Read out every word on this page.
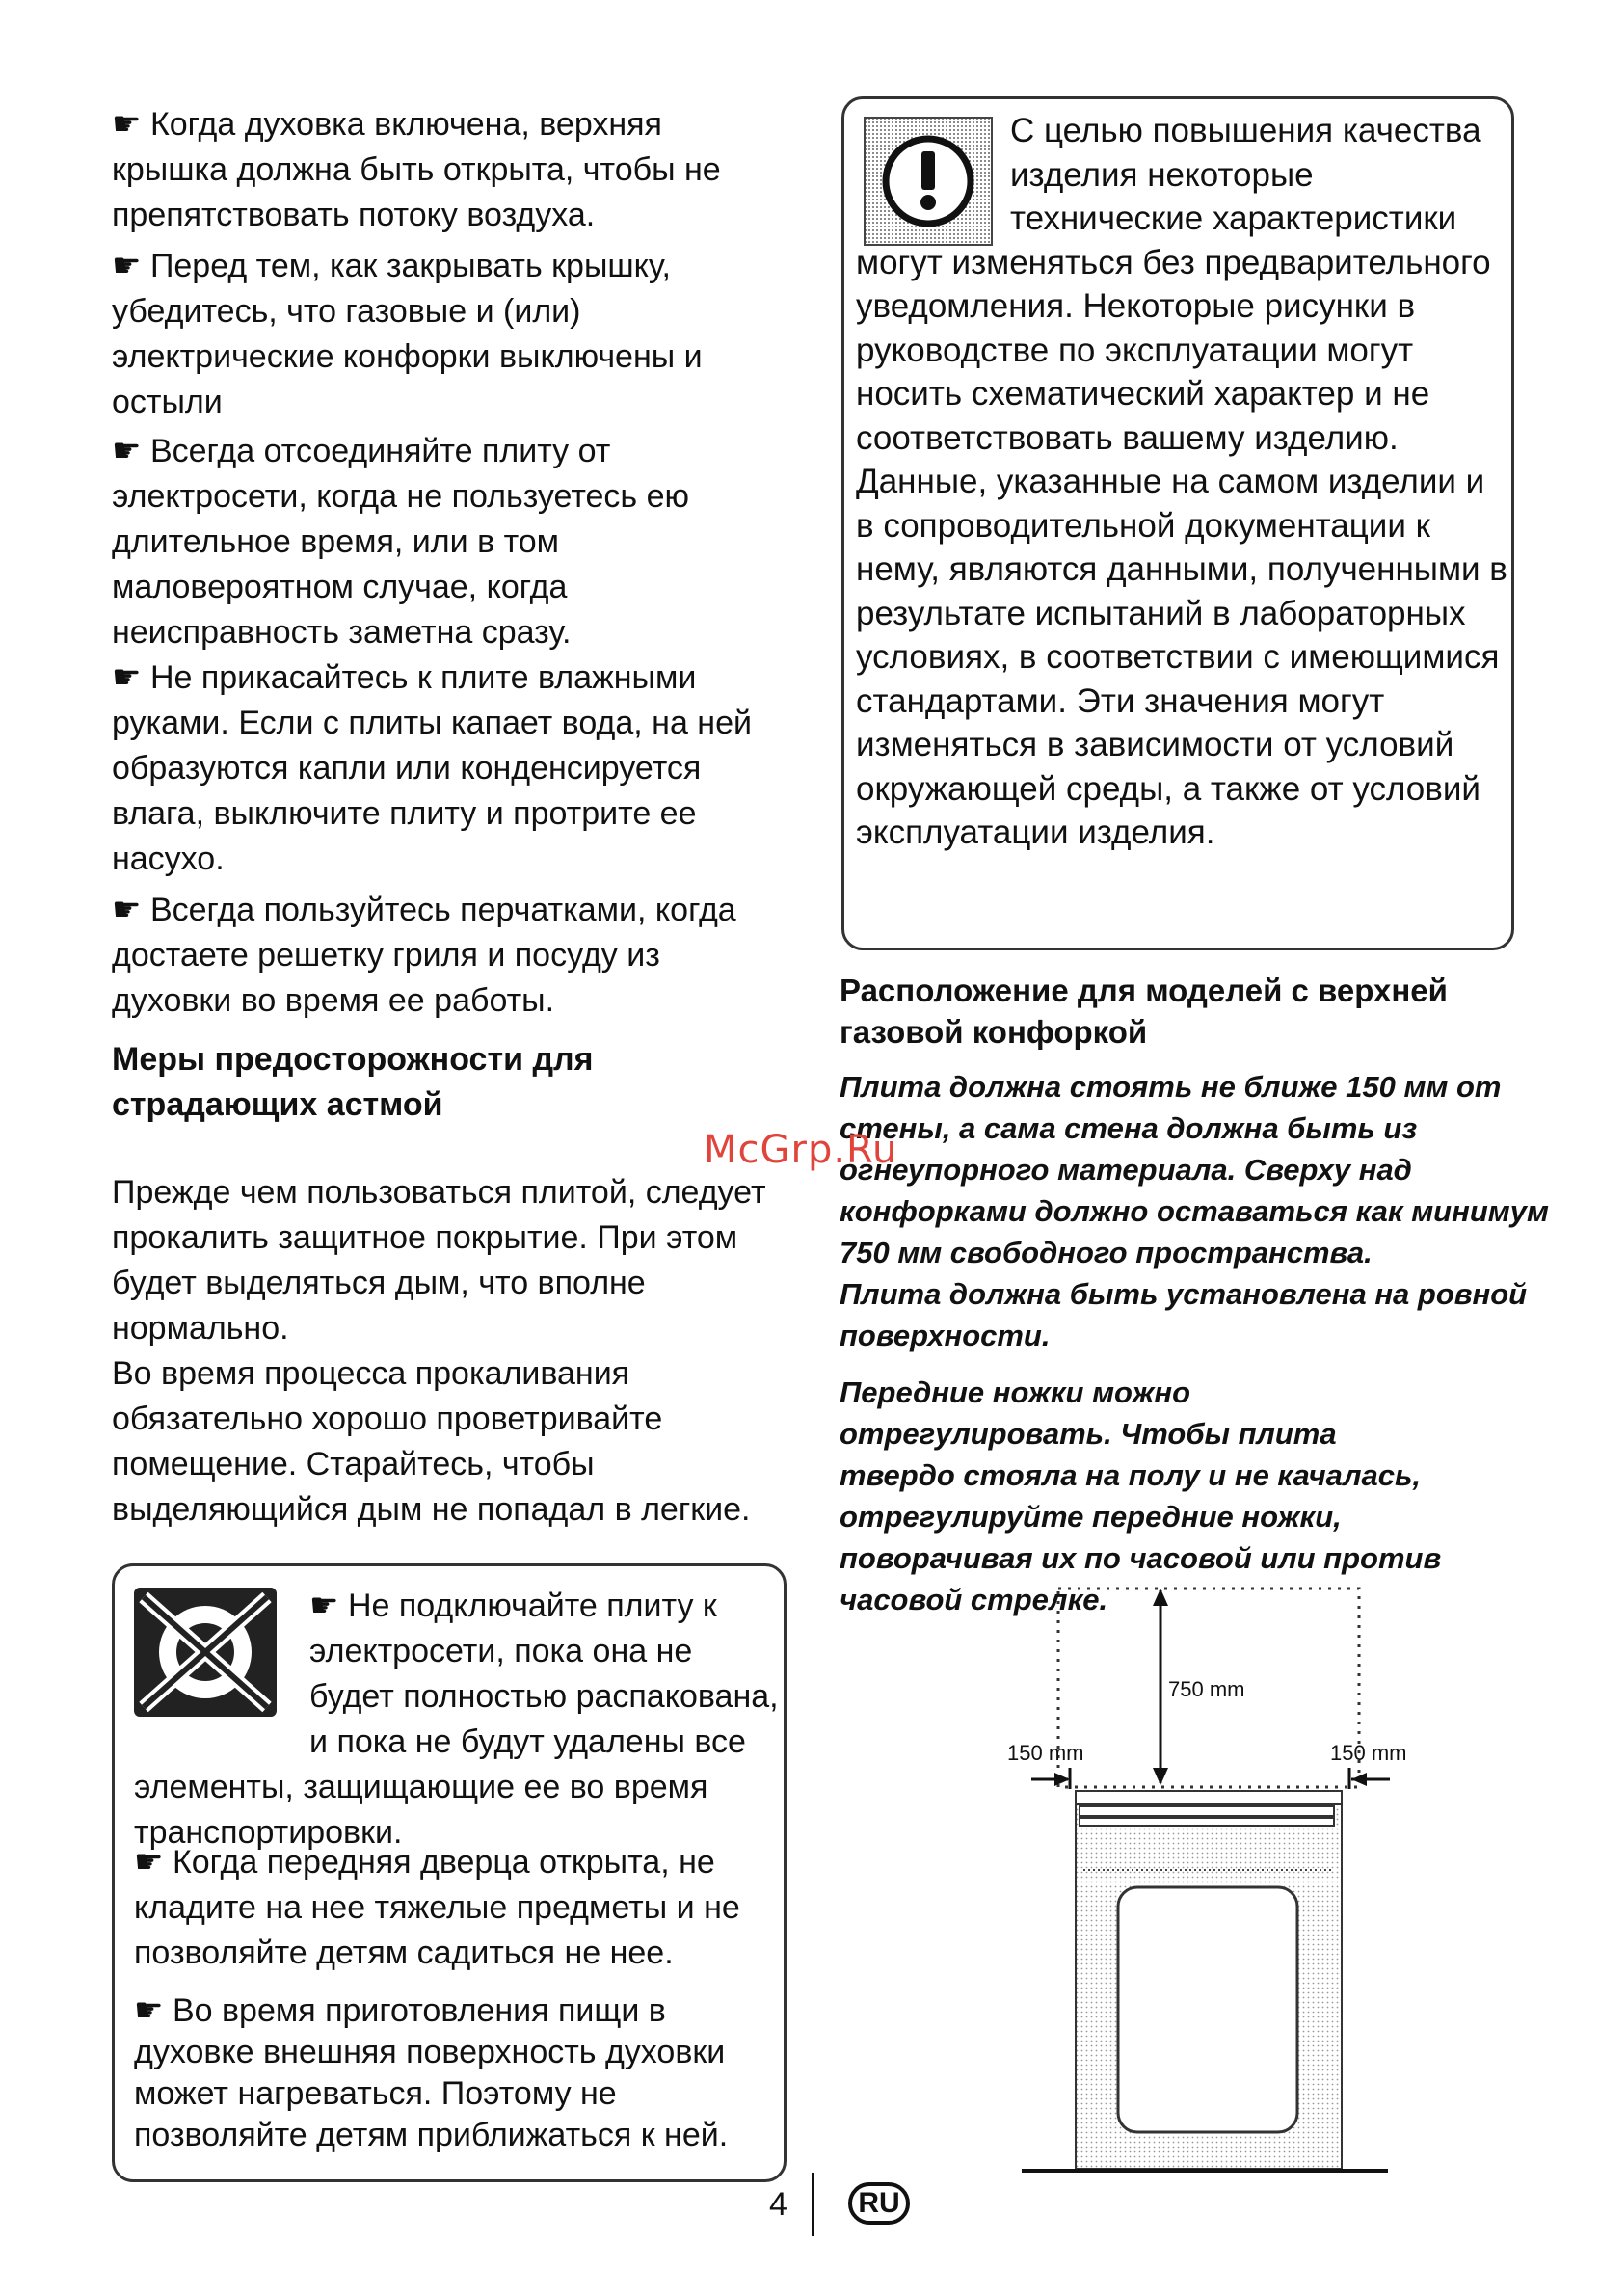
☛ Когда духовка включена, верхняя крышка должна быть открыта, чтобы не препятствовать потоку воздуха.

☛ Перед тем, как закрывать крышку, убедитесь, что газовые и (или) электрические конфорки выключены и остыли

☛ Всегда отсоединяйте плиту от электросети, когда не пользуетесь ею длительное время, или в том маловероятном случае, когда неисправность заметна сразу.

☛ Не прикасайтесь к плите влажными руками. Если с плиты капает вода, на ней образуются капли или конденсируется влага, выключите плиту и протрите ее насухо.

☛ Всегда пользуйтесь перчатками, когда достаете решетку гриля и посуду из духовки во время ее работы.

Меры предосторожности для страдающих астмой

Прежде чем пользоваться плитой, следует прокалить защитное покрытие. При этом будет выделяться дым, что вполне нормально.

Во время процесса прокаливания обязательно хорошо проветривайте помещение. Старайтесь, чтобы выделяющийся дым не попадал в легкие.

☛ Не подключайте плиту к электросети, пока она не будет полностью распакована, и пока не будут удалены все элементы, защищающие ее во время транспортировки.

☛ Когда передняя дверца открыта, не кладите на нее тяжелые предметы и не позволяйте детям садиться не нее.

☛ Во время приготовления пищи в духовке внешняя поверхность духовки может нагреваться. Поэтому не позволяйте детям приближаться к ней.

С целью повышения качества изделия некоторые технические характеристики могут изменяться без предварительного уведомления. Некоторые рисунки в руководстве по эксплуатации могут носить схематический характер и не соответствовать вашему изделию. Данные, указанные на самом изделии и в сопроводительной документации к нему, являются данными, полученными в результате испытаний в лабораторных условиях, в соответствии с имеющимися стандартами. Эти значения могут изменяться в зависимости от условий окружающей среды, а также от условий эксплуатации изделия.

Расположение для моделей с верхней газовой конфоркой

Плита должна стоять не ближе 150 мм от стены, а сама стена должна быть из огнеупорного материала. Сверху над конфорками должно оставаться как минимум 750 мм свободного пространства.

Плита должна быть установлена на ровной поверхности.

Передние ножки можно отрегулировать. Чтобы плита твердо стояла на полу и не качалась, отрегулируйте передние ножки, поворачивая их по часовой или против часовой стрелке.

McGrp.Ru
750 mm
150 mm	150 mm
4	RU
